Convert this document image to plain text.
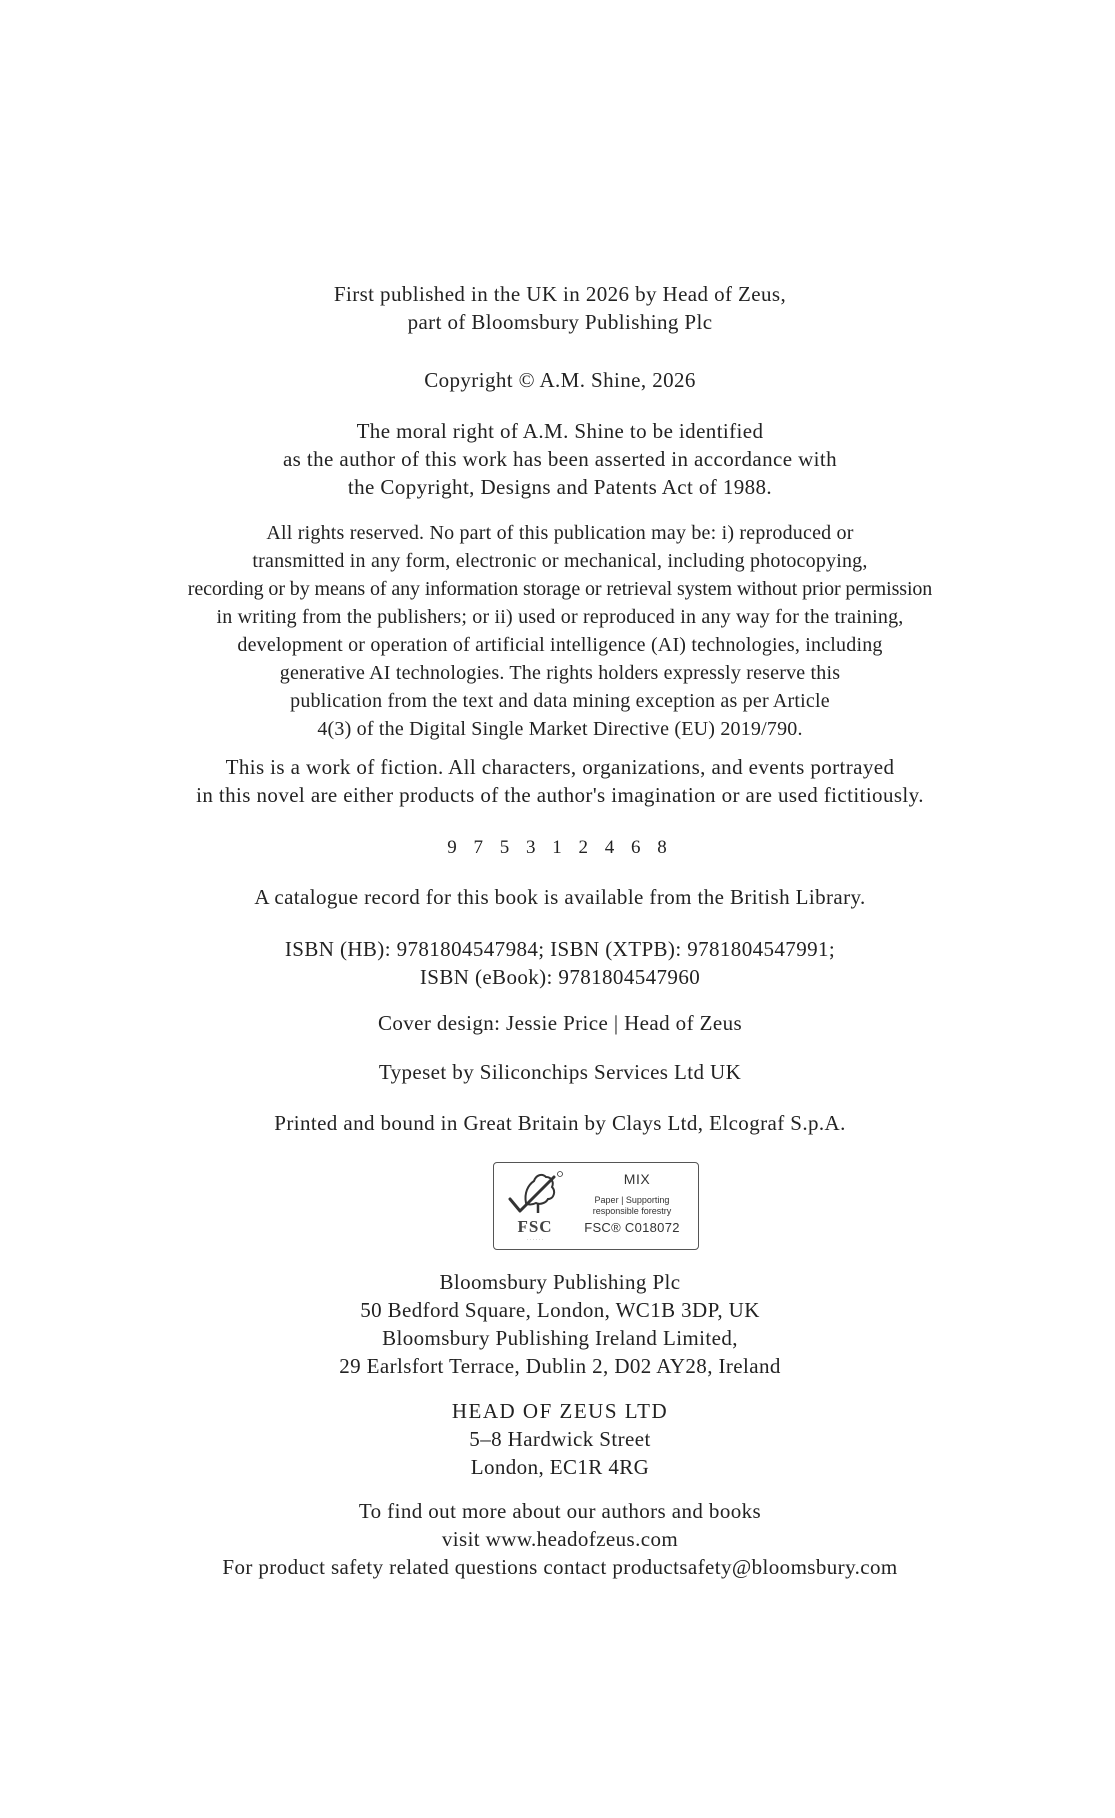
First published in the UK in 2026 by Head of Zeus,
part of Bloomsbury Publishing Plc
Copyright © A.M. Shine, 2026
The moral right of A.M. Shine to be identified
as the author of this work has been asserted in accordance with
the Copyright, Designs and Patents Act of 1988.
All rights reserved. No part of this publication may be: i) reproduced or
transmitted in any form, electronic or mechanical, including photocopying,
recording or by means of any information storage or retrieval system without prior permission
in writing from the publishers; or ii) used or reproduced in any way for the training,
development or operation of artificial intelligence (AI) technologies, including
generative AI technologies. The rights holders expressly reserve this
publication from the text and data mining exception as per Article
4(3) of the Digital Single Market Directive (EU) 2019/790.
This is a work of fiction. All characters, organizations, and events portrayed
in this novel are either products of the author's imagination or are used fictitiously.
9 7 5 3 1 2 4 6 8
A catalogue record for this book is available from the British Library.
ISBN (HB): 9781804547984; ISBN (XTPB): 9781804547991;
ISBN (eBook): 9781804547960
Cover design: Jessie Price | Head of Zeus
Typeset by Siliconchips Services Ltd UK
Printed and bound in Great Britain by Clays Ltd, Elcograf S.p.A.
FSC
· · · · · ·
MIX
Paper | Supporting
responsible forestry
FSC® C018072
Bloomsbury Publishing Plc
50 Bedford Square, London, WC1B 3DP, UK
Bloomsbury Publishing Ireland Limited,
29 Earlsfort Terrace, Dublin 2, D02 AY28, Ireland
HEAD OF ZEUS LTD
5–8 Hardwick Street
London, EC1R 4RG
To find out more about our authors and books
visit www.headofzeus.com
For product safety related questions contact productsafety@bloomsbury.com
